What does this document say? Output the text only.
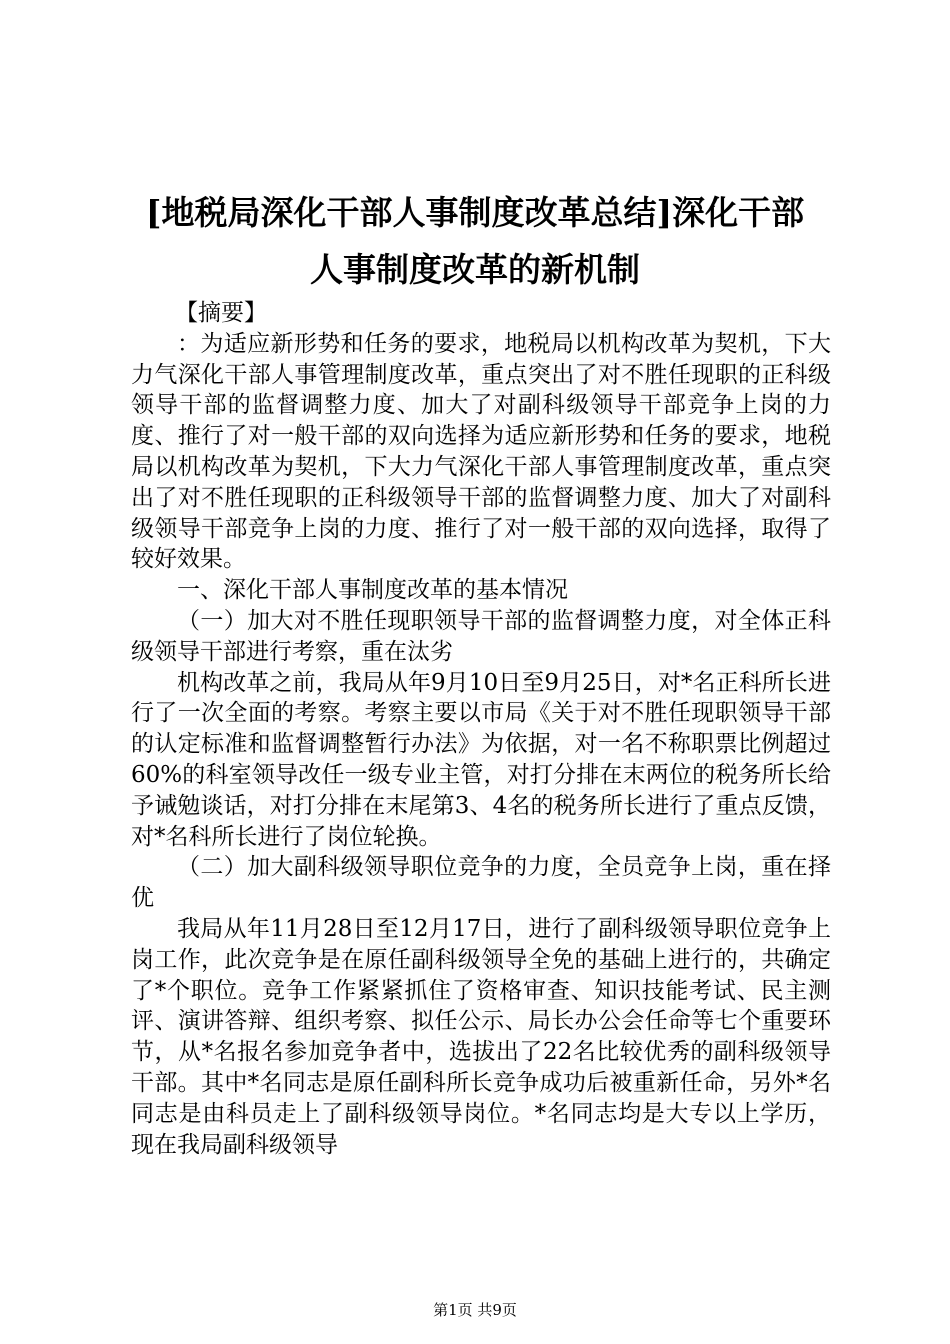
[地税局深化干部人事制度改革总结]深化干部
人事制度改革的新机制

【摘要】

：为适应新形势和任务的要求，地税局以机构改革为契机，下大力气深化干部人事管理制度改革，重点突出了对不胜任现职的正科级领导干部的监督调整力度、加大了对副科级领导干部竞争上岗的力度、推行了对一般干部的双向选择为适应新形势和任务的要求，地税局以机构改革为契机，下大力气深化干部人事管理制度改革，重点突出了对不胜任现职的正科级领导干部的监督调整力度、加大了对副科级领导干部竞争上岗的力度、推行了对一般干部的双向选择，取得了较好效果。

一、深化干部人事制度改革的基本情况

（一）加大对不胜任现职领导干部的监督调整力度，对全体正科级领导干部进行考察，重在汰劣

机构改革之前，我局从年9月10日至9月25日，对*名正科所长进行了一次全面的考察。考察主要以市局《关于对不胜任现职领导干部的认定标准和监督调整暂行办法》为依据，对一名不称职票比例超过60%的科室领导改任一级专业主管，对打分排在末两位的税务所长给予诫勉谈话，对打分排在末尾第3、4名的税务所长进行了重点反馈，对*名科所长进行了岗位轮换。

（二）加大副科级领导职位竞争的力度，全员竞争上岗，重在择优

我局从年11月28日至12月17日，进行了副科级领导职位竞争上岗工作，此次竞争是在原任副科级领导全免的基础上进行的，共确定了*个职位。竞争工作紧紧抓住了资格审查、知识技能考试、民主测评、演讲答辩、组织考察、拟任公示、局长办公会任命等七个重要环节，从*名报名参加竞争者中，选拔出了22名比较优秀的副科级领导干部。其中*名同志是原任副科所长竞争成功后被重新任命，另外*名同志是由科员走上了副科级领导岗位。*名同志均是大专以上学历，现在我局副科级领导

第1页 共9页
